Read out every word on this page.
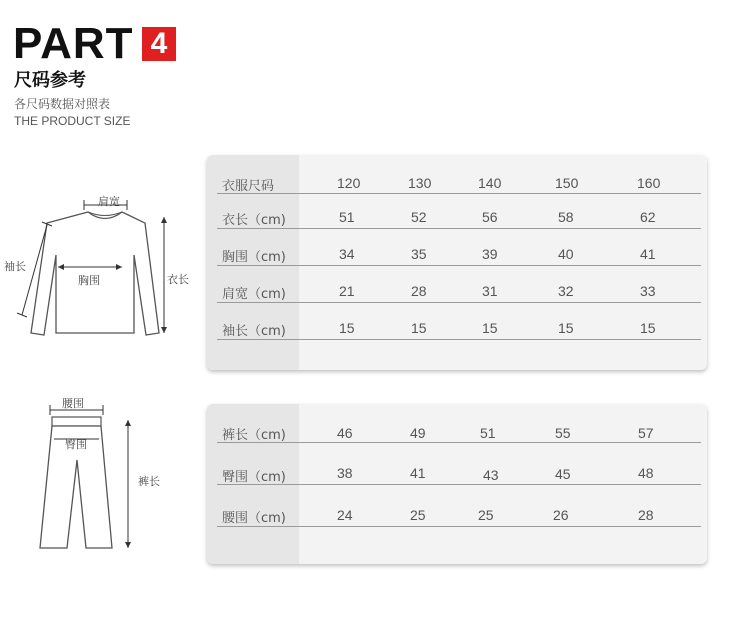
PART 4
尺码参考
各尺码数据对照表
THE PRODUCT SIZE
肩宽
袖长
胸围	衣长
腰围
臀围
裤长
衣服尺码	120	130	140	150	160
衣长（cm)	51	52	56	58	62
胸围（cm)	34	35	39	40	41
肩宽（cm)	21	28	31	32	33
袖长（cm)	15	15	15	15	15
裤长（cm)	46	49	51	55	57
臀围（cm)	38	41	43	45	48
腰围（cm)	24	25	25	26	28
